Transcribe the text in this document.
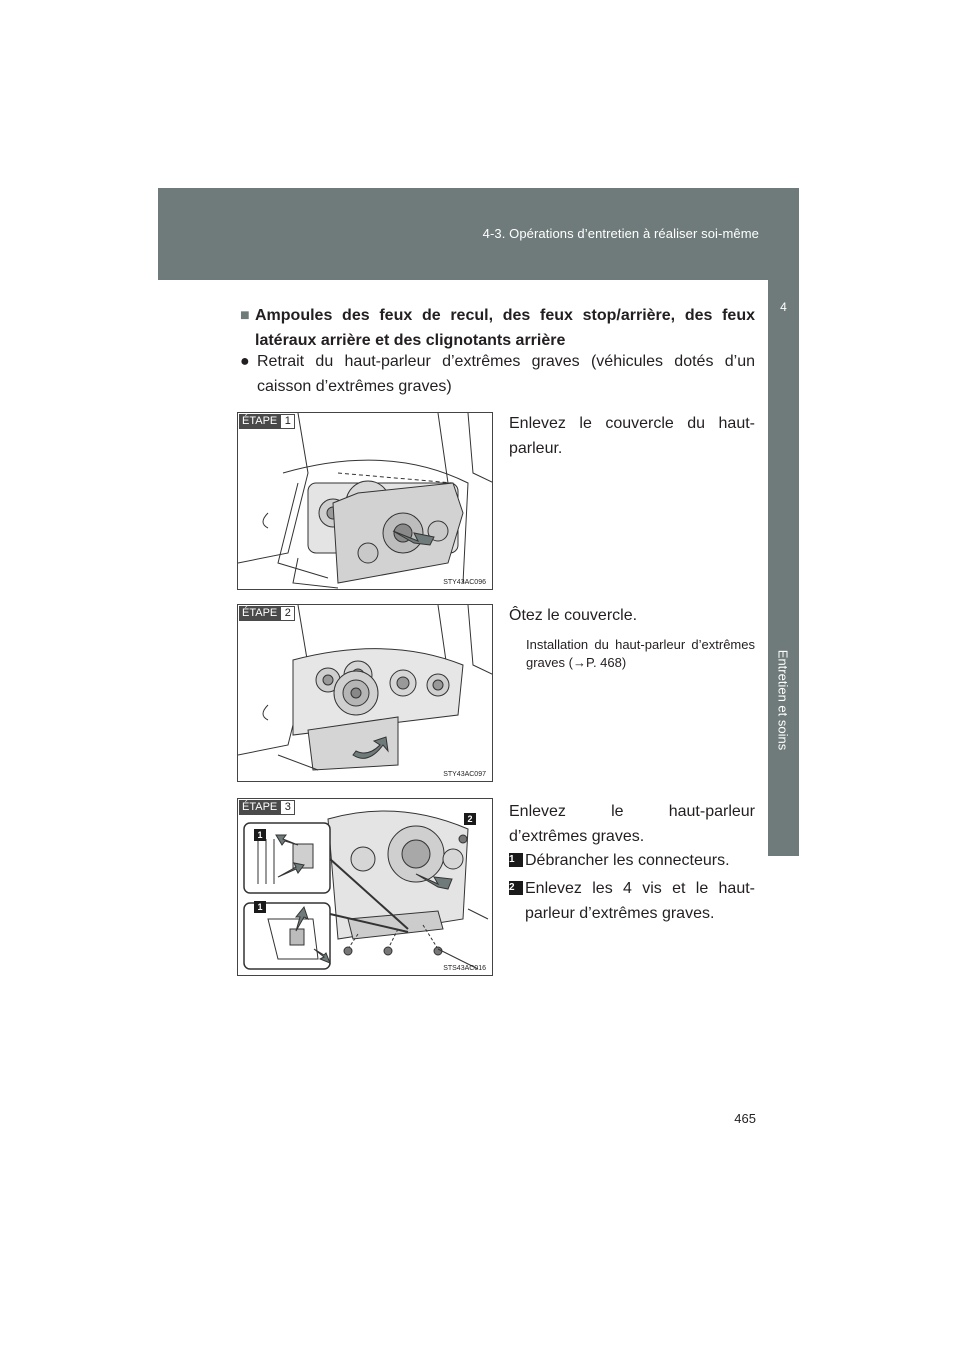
4-3. Opérations d’entretien à réaliser soi-même
4
Entretien et soins
■ Ampoules des feux de recul, des feux stop/arrière, des feux latéraux arrière et des clignotants arrière
● Retrait du haut-parleur d’extrêmes graves (véhicules dotés d’un caisson d’extrêmes graves)
ÉTAPE 1
STY43AC096
Enlevez le couvercle du haut-parleur.
ÉTAPE 2
STY43AC097
Ôtez le couvercle.
Installation du haut-parleur d’extrêmes graves (→P. 468)
1
2
1
ÉTAPE 3
STS43AC016
Enlevez le haut-parleur d’extrêmes graves.
1 Débrancher les connecteurs.
2 Enlevez les 4 vis et le haut-parleur d’extrêmes graves.
465
